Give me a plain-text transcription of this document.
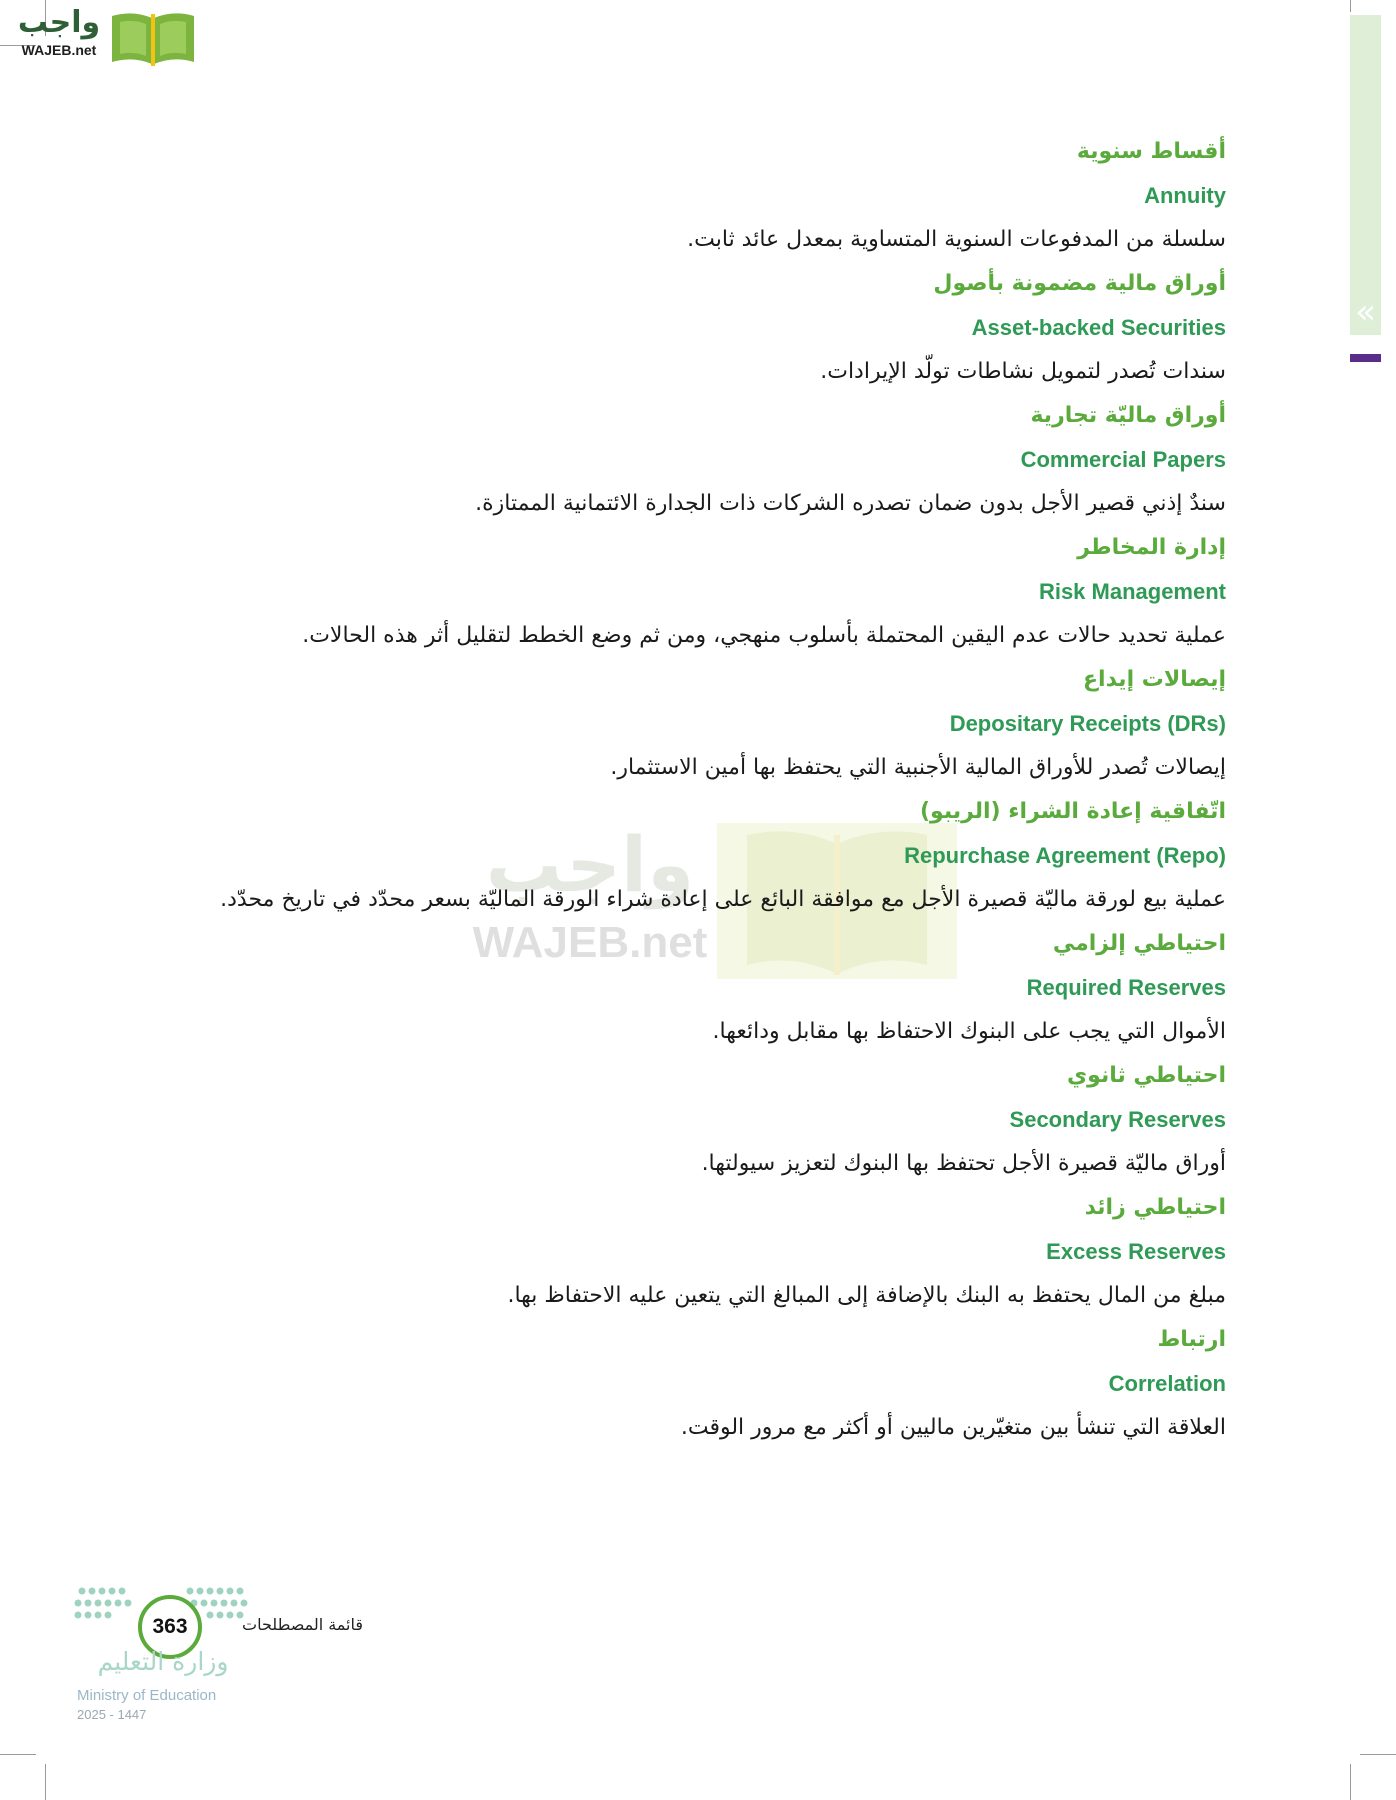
«
واجب
WAJEB.net
واجب
WAJEB.net
أقساط سنوية
Annuity
سلسلة من المدفوعات السنوية المتساوية بمعدل عائد ثابت.
أوراق مالية مضمونة بأصول
Asset-backed Securities
سندات تُصدر لتمويل نشاطات تولّد الإيرادات.
أوراق ماليّة تجارية
Commercial Papers
سندٌ إذني قصير الأجل بدون ضمان تصدره الشركات ذات الجدارة الائتمانية الممتازة.
إدارة المخاطر
Risk Management
عملية تحديد حالات عدم اليقين المحتملة بأسلوب منهجي، ومن ثم وضع الخطط لتقليل أثر هذه الحالات.
إيصالات إيداع
Depositary Receipts (DRs)
إيصالات تُصدر للأوراق المالية الأجنبية التي يحتفظ بها أمين الاستثمار.
اتّفاقية إعادة الشراء (الريبو)
Repurchase Agreement (Repo)
عملية بيع لورقة ماليّة قصيرة الأجل مع موافقة البائع على إعادة شراء الورقة الماليّة بسعر محدّد في تاريخ محدّد.
احتياطي إلزامي
Required Reserves
الأموال التي يجب على البنوك الاحتفاظ بها مقابل ودائعها.
احتياطي ثانوي
Secondary Reserves
أوراق ماليّة قصيرة الأجل تحتفظ بها البنوك لتعزيز سيولتها.
احتياطي زائد
Excess Reserves
مبلغ من المال يحتفظ به البنك بالإضافة إلى المبالغ التي يتعين عليه الاحتفاظ بها.
ارتباط
Correlation
العلاقة التي تنشأ بين متغيّرين ماليين أو أكثر مع مرور الوقت.
363	قائمة المصطلحات
وزارة التعليم
Ministry of Education
2025 - 1447
